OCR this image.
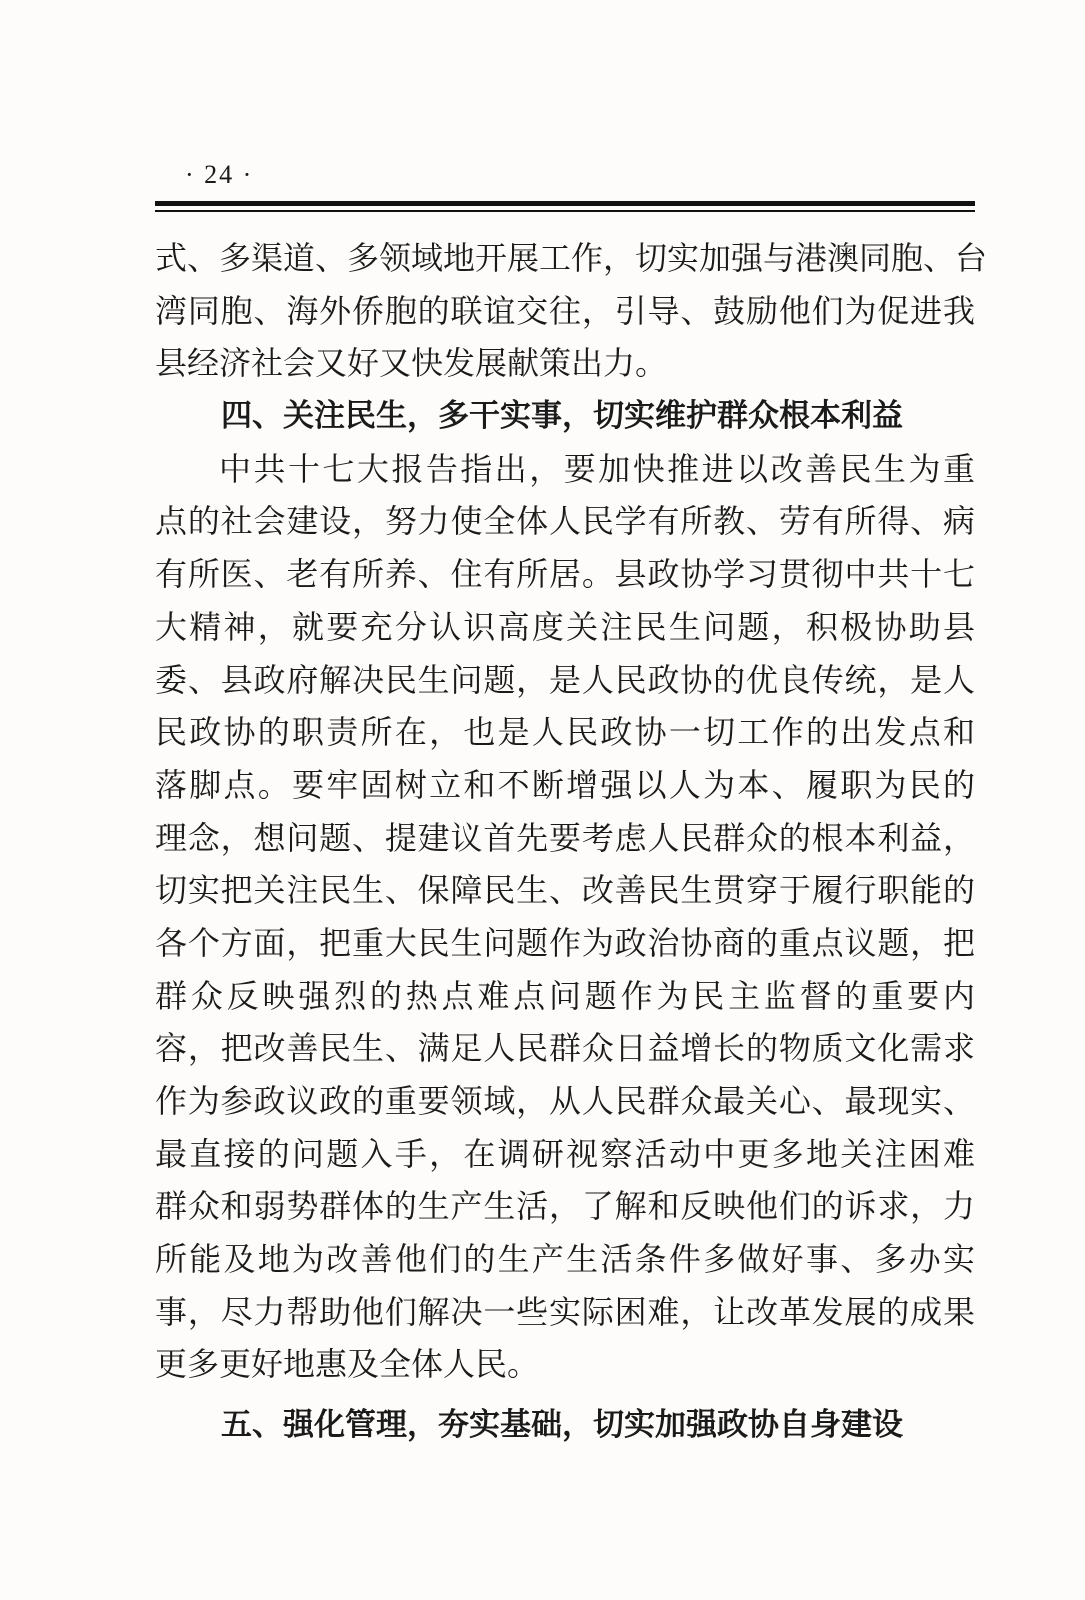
· 24 ·
式、多渠道、多领域地开展工作，切实加强与港澳同胞、台
湾同胞、海外侨胞的联谊交往，引导、鼓励他们为促进我
县经济社会又好又快发展献策出力。
四、关注民生，多干实事，切实维护群众根本利益
中共十七大报告指出，要加快推进以改善民生为重
点的社会建设，努力使全体人民学有所教、劳有所得、病
有所医、老有所养、住有所居。县政协学习贯彻中共十七
大精神，就要充分认识高度关注民生问题，积极协助县
委、县政府解决民生问题，是人民政协的优良传统，是人
民政协的职责所在，也是人民政协一切工作的出发点和
落脚点。要牢固树立和不断增强以人为本、履职为民的
理念，想问题、提建议首先要考虑人民群众的根本利益，
切实把关注民生、保障民生、改善民生贯穿于履行职能的
各个方面，把重大民生问题作为政治协商的重点议题，把
群众反映强烈的热点难点问题作为民主监督的重要内
容，把改善民生、满足人民群众日益增长的物质文化需求
作为参政议政的重要领域，从人民群众最关心、最现实、
最直接的问题入手，在调研视察活动中更多地关注困难
群众和弱势群体的生产生活，了解和反映他们的诉求，力
所能及地为改善他们的生产生活条件多做好事、多办实
事，尽力帮助他们解决一些实际困难，让改革发展的成果
更多更好地惠及全体人民。
五、强化管理，夯实基础，切实加强政协自身建设
